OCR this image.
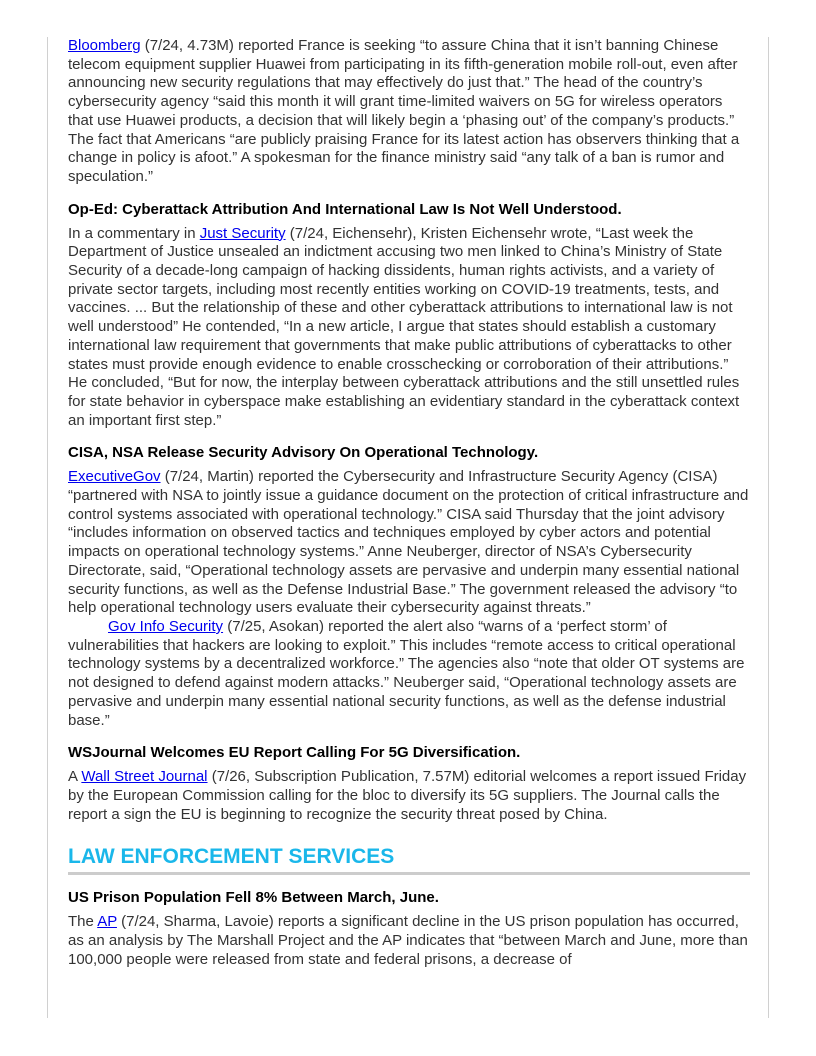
Bloomberg (7/24, 4.73M) reported France is seeking “to assure China that it isn’t banning Chinese telecom equipment supplier Huawei from participating in its fifth-generation mobile roll-out, even after announcing new security regulations that may effectively do just that.” The head of the country’s cybersecurity agency “said this month it will grant time-limited waivers on 5G for wireless operators that use Huawei products, a decision that will likely begin a ‘phasing out’ of the company’s products.” The fact that Americans “are publicly praising France for its latest action has observers thinking that a change in policy is afoot.” A spokesman for the finance ministry said “any talk of a ban is rumor and speculation.”

Op-Ed: Cyberattack Attribution And International Law Is Not Well Understood.

In a commentary in Just Security (7/24, Eichensehr), Kristen Eichensehr wrote, “Last week the Department of Justice unsealed an indictment accusing two men linked to China’s Ministry of State Security of a decade-long campaign of hacking dissidents, human rights activists, and a variety of private sector targets, including most recently entities working on COVID-19 treatments, tests, and vaccines. ... But the relationship of these and other cyberattack attributions to international law is not well understood” He contended, “In a new article, I argue that states should establish a customary international law requirement that governments that make public attributions of cyberattacks to other states must provide enough evidence to enable crosschecking or corroboration of their attributions.” He concluded, “But for now, the interplay between cyberattack attributions and the still unsettled rules for state behavior in cyberspace make establishing an evidentiary standard in the cyberattack context an important first step.”

CISA, NSA Release Security Advisory On Operational Technology.

ExecutiveGov (7/24, Martin) reported the Cybersecurity and Infrastructure Security Agency (CISA) “partnered with NSA to jointly issue a guidance document on the protection of critical infrastructure and control systems associated with operational technology.” CISA said Thursday that the joint advisory “includes information on observed tactics and techniques employed by cyber actors and potential impacts on operational technology systems.” Anne Neuberger, director of NSA’s Cybersecurity Directorate, said, “Operational technology assets are pervasive and underpin many essential national security functions, as well as the Defense Industrial Base.” The government released the advisory “to help operational technology users evaluate their cybersecurity against threats.”

Gov Info Security (7/25, Asokan) reported the alert also “warns of a ‘perfect storm’ of vulnerabilities that hackers are looking to exploit.” This includes “remote access to critical operational technology systems by a decentralized workforce.” The agencies also “note that older OT systems are not designed to defend against modern attacks.” Neuberger said, “Operational technology assets are pervasive and underpin many essential national security functions, as well as the defense industrial base.”

WSJournal Welcomes EU Report Calling For 5G Diversification.

A Wall Street Journal (7/26, Subscription Publication, 7.57M) editorial welcomes a report issued Friday by the European Commission calling for the bloc to diversify its 5G suppliers. The Journal calls the report a sign the EU is beginning to recognize the security threat posed by China.

LAW ENFORCEMENT SERVICES
US Prison Population Fell 8% Between March, June.

The AP (7/24, Sharma, Lavoie) reports a significant decline in the US prison population has occurred, as an analysis by The Marshall Project and the AP indicates that “between March and June, more than 100,000 people were released from state and federal prisons, a decrease of
